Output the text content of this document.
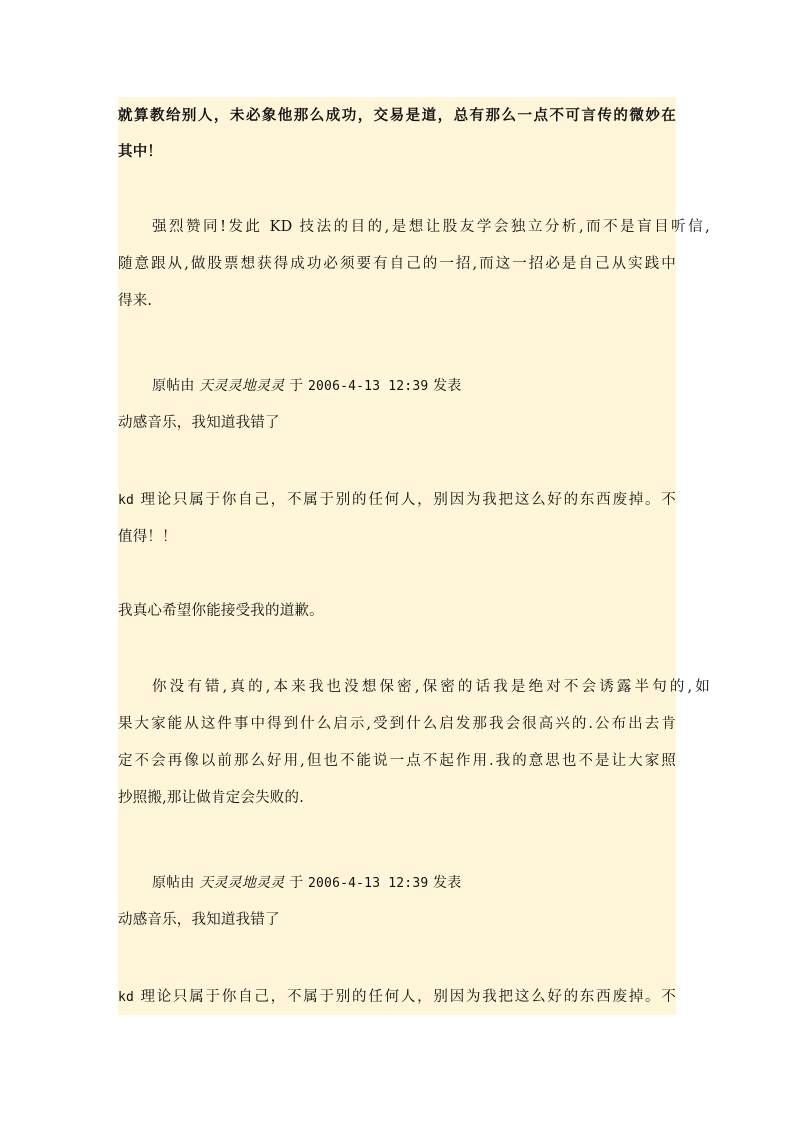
就算教给别人，未必象他那么成功，交易是道，总有那么一点不可言传的微妙在
其中！
强烈赞同!发此 KD 技法的目的,是想让股友学会独立分析,而不是盲目听信,
随意跟从,做股票想获得成功必须要有自己的一招,而这一招必是自己从实践中
得来.
原帖由 天灵灵地灵灵 于 2006-4-13 12:39 发表
动感音乐，我知道我错了
kd 理论只属于你自己，不属于别的任何人，别因为我把这么好的东西废掉。不
值得！！
我真心希望你能接受我的道歉。
你没有错,真的,本来我也没想保密,保密的话我是绝对不会诱露半句的,如
果大家能从这件事中得到什么启示,受到什么启发那我会很高兴的.公布出去肯
定不会再像以前那么好用,但也不能说一点不起作用.我的意思也不是让大家照
抄照搬,那让做肯定会失败的.
原帖由 天灵灵地灵灵 于 2006-4-13 12:39 发表
动感音乐，我知道我错了
kd 理论只属于你自己，不属于别的任何人，别因为我把这么好的东西废掉。不
